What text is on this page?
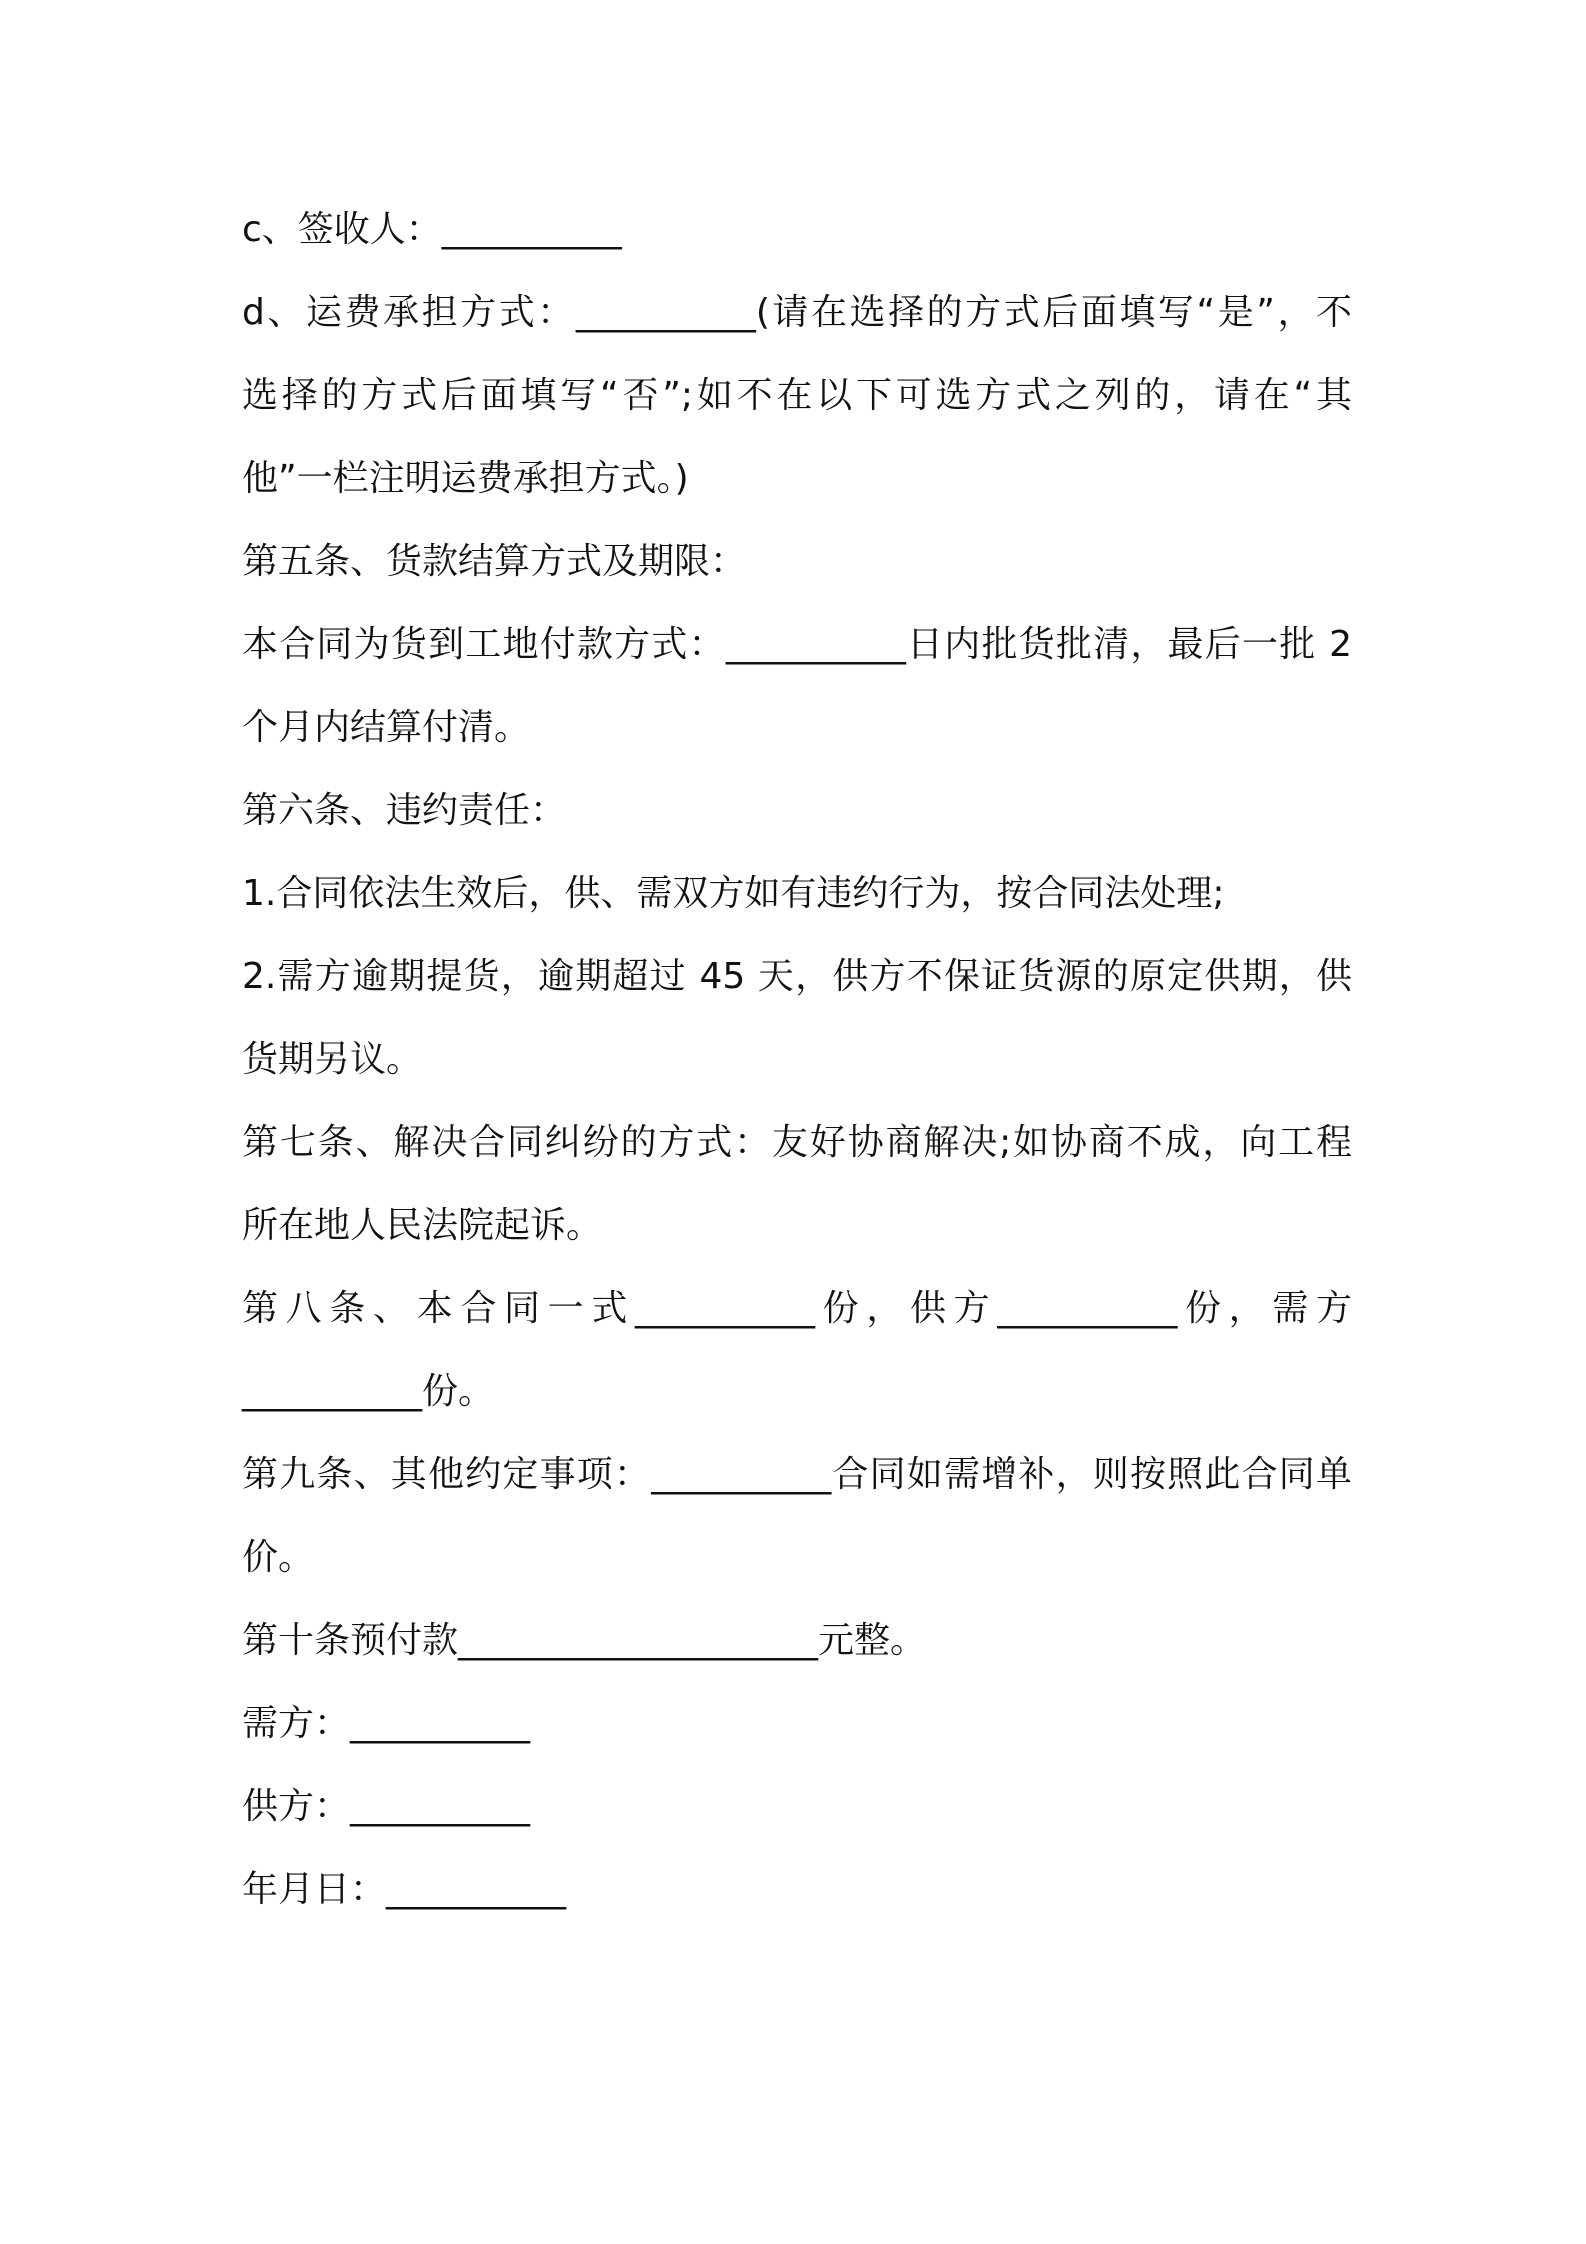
c、签收人：__________
d、运费承担方式：__________(请在选择的方式后面填写“是”，不
选择的方式后面填写“否”;如不在以下可选方式之列的，请在“其
他”一栏注明运费承担方式。)
第五条、货款结算方式及期限：
本合同为货到工地付款方式：__________日内批货批清，最后一批 2
个月内结算付清。
第六条、违约责任：
1.合同依法生效后，供、需双方如有违约行为，按合同法处理;
2.需方逾期提货，逾期超过 45 天，供方不保证货源的原定供期，供
货期另议。
第七条、解决合同纠纷的方式：友好协商解决;如协商不成，向工程
所在地人民法院起诉。
第八条、本合同一式__________份，供方__________份，需方
__________份。
第九条、其他约定事项：__________合同如需增补，则按照此合同单
价。
第十条预付款____________________元整。
需方：__________
供方：__________
年月日：__________
